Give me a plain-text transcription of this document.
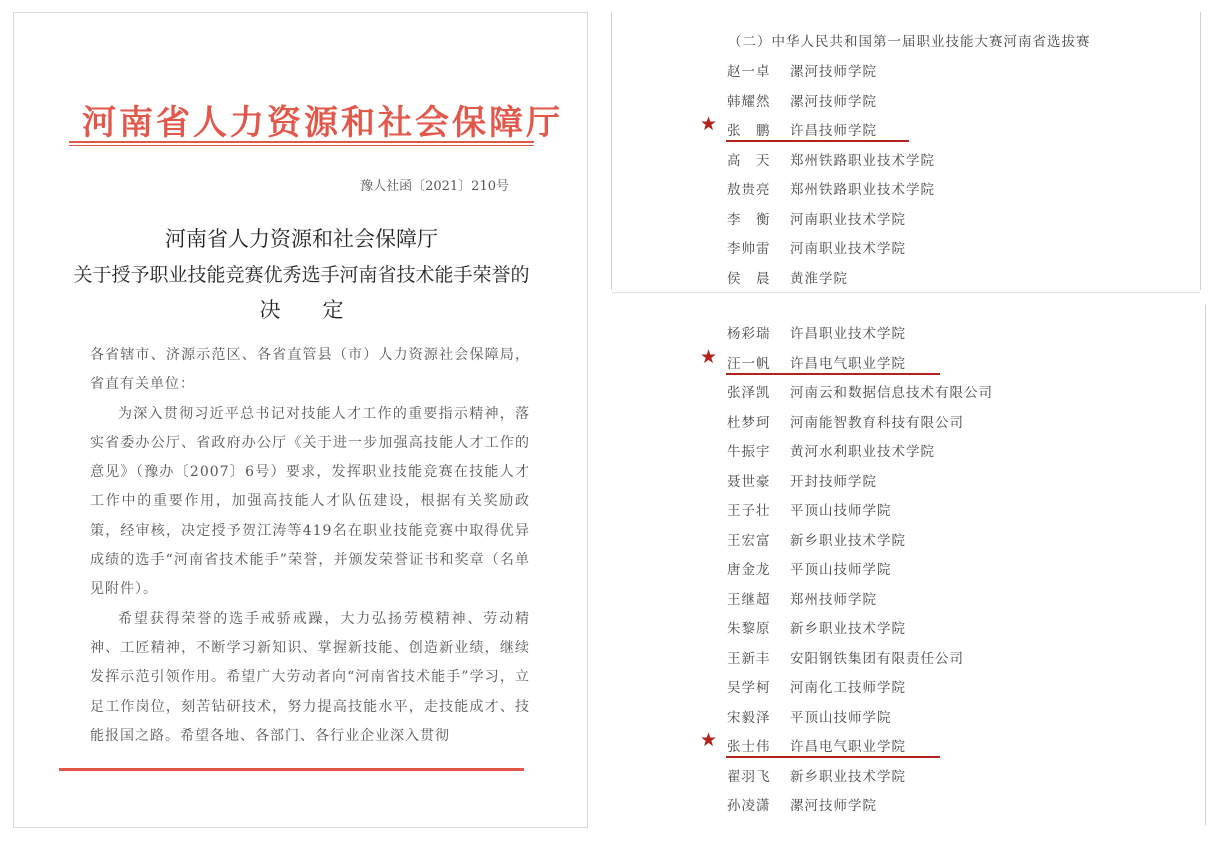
河南省人力资源和社会保障厅
豫人社函〔2021〕210号
河南省人力资源和社会保障厅
关于授予职业技能竞赛优秀选手河南省技术能手荣誉的
决　　定

各省辖市、济源示范区、各省直管县（市）人力资源社会保障局，省直有关单位：

为深入贯彻习近平总书记对技能人才工作的重要指示精神，落实省委办公厅、省政府办公厅《关于进一步加强高技能人才工作的意见》（豫办〔2007〕6号）要求，发挥职业技能竞赛在技能人才工作中的重要作用，加强高技能人才队伍建设，根据有关奖励政策，经审核，决定授予贺江涛等419名在职业技能竞赛中取得优异成绩的选手“河南省技术能手”荣誉，并颁发荣誉证书和奖章（名单见附件）。

希望获得荣誉的选手戒骄戒躁，大力弘扬劳模精神、劳动精神、工匠精神，不断学习新知识、掌握新技能、创造新业绩，继续发挥示范引领作用。希望广大劳动者向“河南省技术能手”学习，立足工作岗位，刻苦钻研技术，努力提高技能水平，走技能成才、技能报国之路。希望各地、各部门、各行业企业深入贯彻

（二）中华人民共和国第一届职业技能大赛河南省选拔赛
赵一卓 漯河技师学院
韩耀然 漯河技师学院
★ 张　鹏 许昌技师学院
高　天 郑州铁路职业技术学院
敖贵亮 郑州铁路职业技术学院
李　衡 河南职业技术学院
李帅雷 河南职业技术学院
侯　晨 黄淮学院
杨彩瑞 许昌职业技术学院
★ 汪一帆 许昌电气职业学院
张泽凯 河南云和数据信息技术有限公司
杜梦珂 河南能智教育科技有限公司
牛振宇 黄河水利职业技术学院
聂世豪 开封技师学院
王子壮 平顶山技师学院
王宏富 新乡职业技术学院
唐金龙 平顶山技师学院
王继超 郑州技师学院
朱黎原 新乡职业技术学院
王新丰 安阳钢铁集团有限责任公司
吴学柯 河南化工技师学院
宋毅泽 平顶山技师学院
★ 张士伟 许昌电气职业学院
翟羽飞 新乡职业技术学院
孙凌潇 漯河技师学院
